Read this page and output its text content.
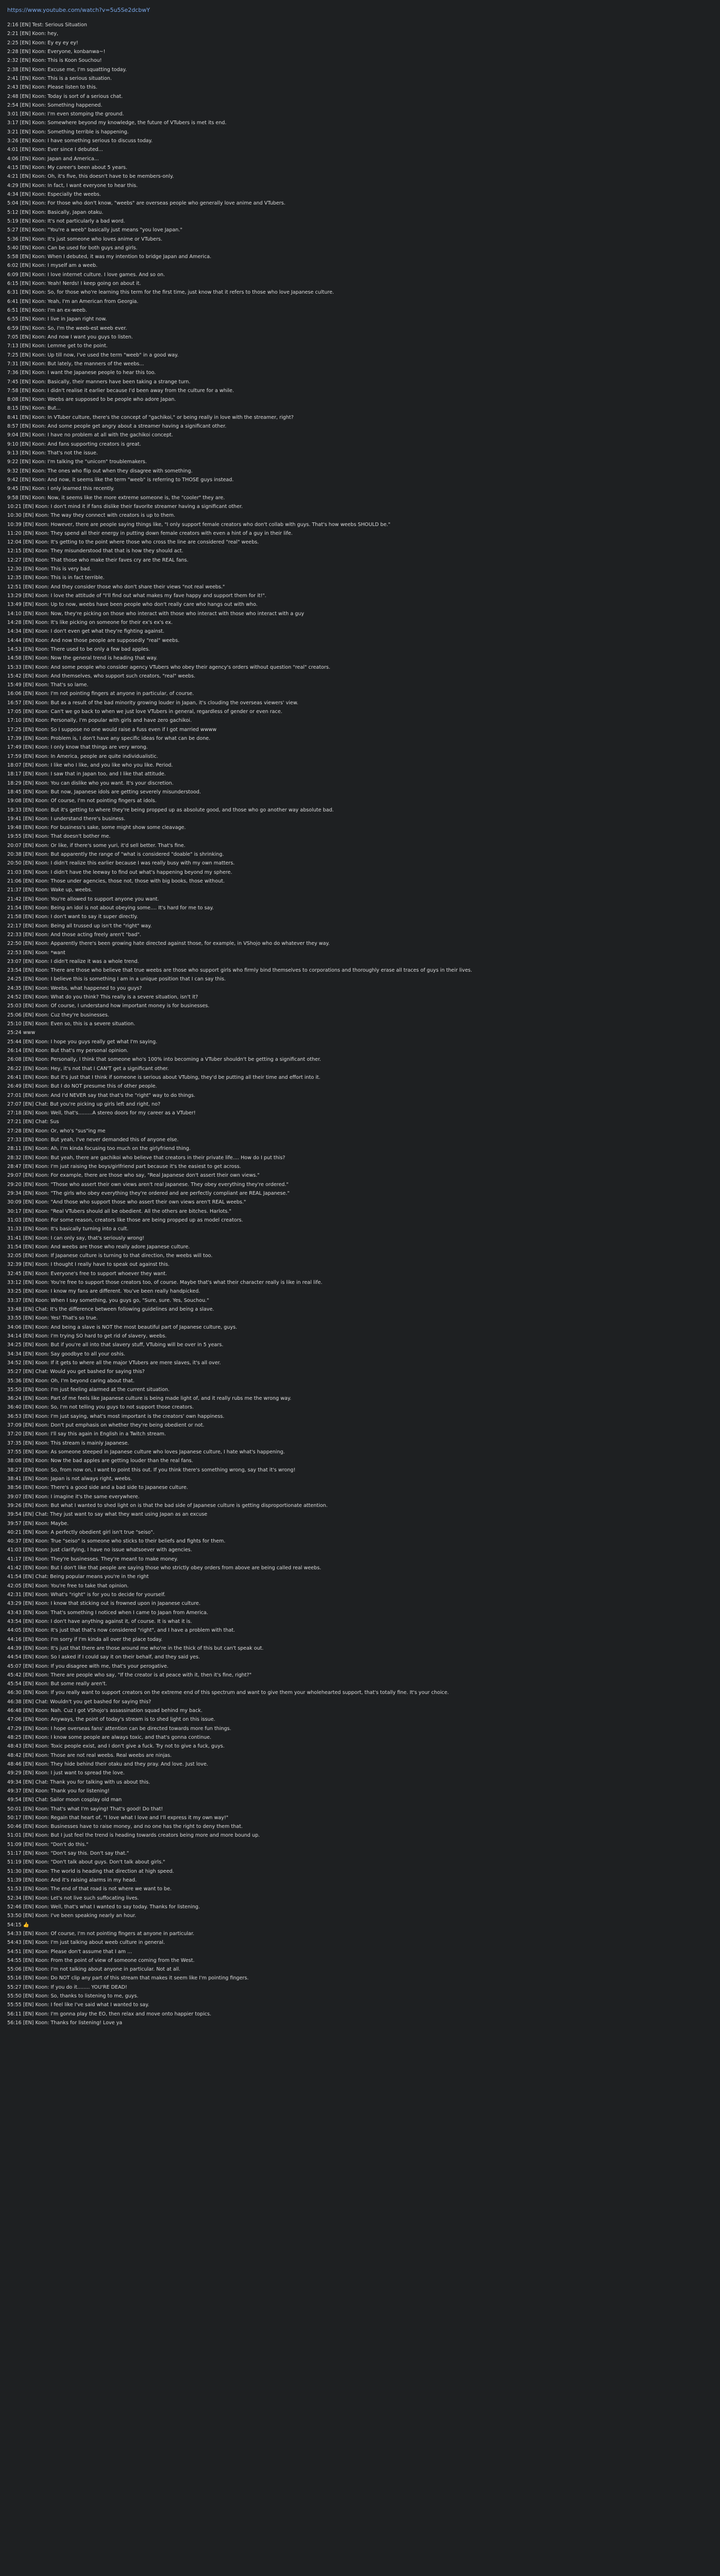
https://www.youtube.com/watch?v=5u5Se2dcbwY
2:16 [EN] Test: Serious Situation
2:21 [EN] Koon: hey,
2:25 [EN] Koon: Ey ey ey ey!
2:28 [EN] Koon: Everyone, konbanwa~!
2:32 [EN] Koon: This is Koon Souchou!
2:38 [EN] Koon: Excuse me, I'm squatting today.
2:41 [EN] Koon: This is a serious situation.
2:43 [EN] Koon: Please listen to this.
2:48 [EN] Koon: Today is sort of a serious chat.
2:54 [EN] Koon: Something happened.
3:01 [EN] Koon: I'm even stomping the ground.
3:17 [EN] Koon: Somewhere beyond my knowledge, the future of VTubers is met its end.
3:21 [EN] Koon: Something terrible is happening.
3:26 [EN] Koon: I have something serious to discuss today.
4:01 [EN] Koon: Ever since I debuted...
4:06 [EN] Koon: Japan and America...
4:15 [EN] Koon: My career's been about 5 years.
4:21 [EN] Koon: Oh, it's five, this doesn't have to be members-only.
4:29 [EN] Koon: In fact, I want everyone to hear this.
4:34 [EN] Koon: Especially the weebs.
5:04 [EN] Koon: For those who don't know, "weebs" are overseas people who generally love anime and VTubers.
5:12 [EN] Koon: Basically, Japan otaku.
5:19 [EN] Koon: It's not particularly a bad word.
5:27 [EN] Koon: "You're a weeb" basically just means "you love Japan."
5:36 [EN] Koon: It's just someone who loves anime or VTubers.
5:40 [EN] Koon: Can be used for both guys and girls.
5:58 [EN] Koon: When I debuted, it was my intention to bridge Japan and America.
6:02 [EN] Koon: I myself am a weeb.
6:09 [EN] Koon: I love internet culture. I love games. And so on.
6:15 [EN] Koon: Yeah! Nerds! I keep going on about it.
6:31 [EN] Koon: So, for those who're learning this term for the first time, just know that it refers to those who love Japanese culture.
6:41 [EN] Koon: Yeah, I'm an American from Georgia.
6:51 [EN] Koon: I'm an ex-weeb.
6:55 [EN] Koon: I live in Japan right now.
6:59 [EN] Koon: So, I'm the weeb-est weeb ever.
7:05 [EN] Koon: And now I want you guys to listen.
7:13 [EN] Koon: Lemme get to the point.
7:25 [EN] Koon: Up till now, I've used the term "weeb" in a good way.
7:31 [EN] Koon: But lately, the manners of the weebs...
7:36 [EN] Koon: I want the Japanese people to hear this too.
7:45 [EN] Koon: Basically, their manners have been taking a strange turn.
7:58 [EN] Koon: I didn't realise it earlier because I'd been away from the culture for a while.
8:08 [EN] Koon: Weebs are supposed to be people who adore Japan.
8:15 [EN] Koon: But...
8:41 [EN] Koon: In VTuber culture, there's the concept of "gachikoi," or being really in love with the streamer, right?
8:57 [EN] Koon: And some people get angry about a streamer having a significant other.
9:04 [EN] Koon: I have no problem at all with the gachikoi concept.
9:10 [EN] Koon: And fans supporting creators is great.
9:13 [EN] Koon: That's not the issue.
9:22 [EN] Koon: I'm talking the "unicorn" troublemakers.
9:32 [EN] Koon: The ones who flip out when they disagree with something.
9:42 [EN] Koon: And now, it seems like the term "weeb" is referring to THOSE guys instead.
9:45 [EN] Koon: I only learned this recently.
9:58 [EN] Koon: Now, it seems like the more extreme someone is, the "cooler" they are.
10:21 [EN] Koon: I don't mind it if fans dislike their favorite streamer having a significant other.
10:30 [EN] Koon: The way they connect with creators is up to them.
10:39 [EN] Koon: However, there are people saying things like, "I only support female creators who don't collab with guys. That's how weebs SHOULD be."
11:20 [EN] Koon: They spend all their energy in putting down female creators with even a hint of a guy in their life.
12:04 [EN] Koon: It's getting to the point where those who cross the line are considered "real" weebs.
12:15 [EN] Koon: They misunderstood that that is how they should act.
12:27 [EN] Koon: That those who make their faves cry are the REAL fans.
12:30 [EN] Koon: This is very bad.
12:35 [EN] Koon: This is in fact terrible.
12:51 [EN] Koon: And they consider those who don't share their views "not real weebs."
13:29 [EN] Koon: I love the attitude of "I'll find out what makes my fave happy and support them for it!".
13:49 [EN] Koon: Up to now, weebs have been people who don't really care who hangs out with who.
14:10 [EN] Koon: Now, they're picking on those who interact with those who interact with those who interact with a guy
14:28 [EN] Koon: It's like picking on someone for their ex's ex's ex.
14:34 [EN] Koon: I don't even get what they're fighting against.
14:44 [EN] Koon: And now those people are supposedly "real" weebs.
14:53 [EN] Koon: There used to be only a few bad apples.
14:58 [EN] Koon: Now the general trend is heading that way.
15:33 [EN] Koon: And some people who consider agency VTubers who obey their agency's orders without question "real" creators.
15:42 [EN] Koon: And themselves, who support such creators, "real" weebs.
15:49 [EN] Koon: That's so lame.
16:06 [EN] Koon: I'm not pointing fingers at anyone in particular, of course.
16:57 [EN] Koon: But as a result of the bad minority growing louder in Japan, it's clouding the overseas viewers' view.
17:05 [EN] Koon: Can't we go back to when we just love VTubers in general, regardless of gender or even race.
17:10 [EN] Koon: Personally, I'm popular with girls and have zero gachikoi.
17:25 [EN] Koon: So I suppose no one would raise a fuss even if I got married wwww
17:39 [EN] Koon: Problem is, I don't have any specific ideas for what can be done.
17:49 [EN] Koon: I only know that things are very wrong.
17:59 [EN] Koon: In America, people are quite individualistic.
18:07 [EN] Koon: I like who I like, and you like who you like. Period.
18:17 [EN] Koon: I saw that in Japan too, and I like that attitude.
18:29 [EN] Koon: You can dislike who you want. It's your discretion.
18:45 [EN] Koon: But now, Japanese idols are getting severely misunderstood.
19:08 [EN] Koon: Of course, I'm not pointing fingers at idols.
19:33 [EN] Koon: But it's getting to where they're being propped up as absolute good, and those who go another way absolute bad.
19:41 [EN] Koon: I understand there's business.
19:48 [EN] Koon: For business's sake, some might show some cleavage.
19:55 [EN] Koon: That doesn't bother me.
20:07 [EN] Koon: Or like, if there's some yuri, it'd sell better. That's fine.
20:38 [EN] Koon: But apparently the range of "what is considered "doable" is shrinking.
20:50 [EN] Koon: I didn't realize this earlier because I was really busy with my own matters.
21:03 [EN] Koon: I didn't have the leeway to find out what's happening beyond my sphere.
21:06 [EN] Koon: Those under agencies, those not, those with big books, those without.
21:37 [EN] Koon: Wake up, weebs.
21:42 [EN] Koon: You're allowed to support anyone you want.
21:54 [EN] Koon: Being an idol is not about obeying some.... It's hard for me to say.
21:58 [EN] Koon: I don't want to say it super directly.
22:17 [EN] Koon: Being all trussed up isn't the "right" way.
22:33 [EN] Koon: And those acting freely aren't "bad".
22:50 [EN] Koon: Apparently there's been growing hate directed against those, for example, in VShojo who do whatever they way.
22:53 [EN] Koon: *want
23:07 [EN] Koon: I didn't realize it was a whole trend.
23:54 [EN] Koon: There are those who believe that true weebs are those who support girls who firmly bind themselves to corporations and thoroughly erase all traces of guys in their lives.
24:25 [EN] Koon: I believe this is something I am in a unique position that I can say this.
24:35 [EN] Koon: Weebs, what happened to you guys?
24:52 [EN] Koon: What do you think? This really is a severe situation, isn't it?
25:03 [EN] Koon: Of course, I understand how important money is for businesses.
25:06 [EN] Koon: Cuz they're businesses.
25:10 [EN] Koon: Even so, this is a severe situation.
25:24 www
25:44 [EN] Koon: I hope you guys really get what I'm saying.
26:14 [EN] Koon: But that's my personal opinion.
26:08 [EN] Koon: Personally, I think that someone who's 100% into becoming a VTuber shouldn't be getting a significant other.
26:22 [EN] Koon: Hey, it's not that I CAN'T get a significant other.
26:41 [EN] Koon: But it's just that I think if someone is serious about VTubing, they'd be putting all their time and effort into it.
26:49 [EN] Koon: But I do NOT presume this of other people.
27:01 [EN] Koon: And I'd NEVER say that that's the "right" way to do things.
27:07 [EN] Chat: But you're picking up girls left and right, no?
27:18 [EN] Koon: Well, that's.........A stereo doors for my career as a VTuber!
27:21 [EN] Chat: Sus
27:28 [EN] Koon: Or, who's "sus"ing me
27:33 [EN] Koon: But yeah, I've never demanded this of anyone else.
28:11 [EN] Koon: Ah, I'm kinda focusing too much on the girlyfriend thing.
28:32 [EN] Koon: But yeah, there are gachikoi who believe that creators in their private life.... How do I put this?
28:47 [EN] Koon: I'm just raising the boys/girlfriend part because it's the easiest to get across.
29:07 [EN] Koon: For example, there are those who say, "Real Japanese don't assert their own views."
29:20 [EN] Koon: "Those who assert their own views aren't real Japanese. They obey everything they're ordered."
29:34 [EN] Koon: "The girls who obey everything they're ordered and are perfectly compliant are REAL Japanese."
30:09 [EN] Koon: "And those who support those who assert their own views aren't REAL weebs."
30:17 [EN] Koon: "Real VTubers should all be obedient. All the others are bitches. Harlots."
31:03 [EN] Koon: For some reason, creators like those are being propped up as model creators.
31:33 [EN] Koon: It's basically turning into a cult.
31:41 [EN] Koon: I can only say, that's seriously wrong!
31:54 [EN] Koon: And weebs are those who really adore Japanese culture.
32:05 [EN] Koon: If Japanese culture is turning to that direction, the weebs will too.
32:39 [EN] Koon: I thought I really have to speak out against this.
32:45 [EN] Koon: Everyone's free to support whoever they want.
33:12 [EN] Koon: You're free to support those creators too, of course. Maybe that's what their character really is like in real life.
33:25 [EN] Koon: I know my fans are different. You've been really handpicked.
33:37 [EN] Koon: When I say something, you guys go, "Sure, sure. Yes, Souchou."
33:48 [EN] Chat: It's the difference between following guidelines and being a slave.
33:55 [EN] Koon: Yes! That's so true.
34:06 [EN] Koon: And being a slave is NOT the most beautiful part of Japanese culture, guys.
34:14 [EN] Koon: I'm trying SO hard to get rid of slavery, weebs.
34:25 [EN] Koon: But if you're all into that slavery stuff, VTubing will be over in 5 years.
34:34 [EN] Koon: Say goodbye to all your oshis.
34:52 [EN] Koon: If it gets to where all the major VTubers are mere slaves, it's all over.
35:27 [EN] Chat: Would you get bashed for saying this?
35:36 [EN] Koon: Oh, I'm beyond caring about that.
35:50 [EN] Koon: I'm just feeling alarmed at the current situation.
36:24 [EN] Koon: Part of me feels like Japanese culture is being made light of, and it really rubs me the wrong way.
36:40 [EN] Koon: So, I'm not telling you guys to not support those creators.
36:53 [EN] Koon: I'm just saying, what's most important is the creators' own happiness.
37:09 [EN] Koon: Don't put emphasis on whether they're being obedient or not.
37:20 [EN] Koon: I'll say this again in English in a Twitch stream.
37:35 [EN] Koon: This stream is mainly Japanese.
37:55 [EN] Koon: As someone steeped in Japanese culture who loves Japanese culture, I hate what's happening.
38:08 [EN] Koon: Now the bad apples are getting louder than the real fans.
38:27 [EN] Koon: So, from now on, I want to point this out. If you think there's something wrong, say that it's wrong!
38:41 [EN] Koon: Japan is not always right, weebs.
38:56 [EN] Koon: There's a good side and a bad side to Japanese culture.
39:07 [EN] Koon: I imagine it's the same everywhere.
39:26 [EN] Koon: But what I wanted to shed light on is that the bad side of Japanese culture is getting disproportionate attention.
39:54 [EN] Chat: They just want to say what they want using Japan as an excuse
39:57 [EN] Koon: Maybe.
40:21 [EN] Koon: A perfectly obedient girl isn't true "seiso".
40:37 [EN] Koon: True "seiso" is someone who sticks to their beliefs and fights for them.
41:03 [EN] Koon: Just clarifying, I have no issue whatsoever with agencies.
41:17 [EN] Koon: They're businesses. They're meant to make money.
41:42 [EN] Koon: But I don't like that people are saying those who strictly obey orders from above are being called real weebs.
41:54 [EN] Chat: Being popular means you're in the right
42:05 [EN] Koon: You're free to take that opinion.
42:31 [EN] Koon: What's "right" is for you to decide for yourself.
43:29 [EN] Koon: I know that sticking out is frowned upon in Japanese culture.
43:43 [EN] Koon: That's something I noticed when I came to Japan from America.
43:54 [EN] Koon: I don't have anything against it, of course. It is what it is.
44:05 [EN] Koon: It's just that that's now considered "right", and I have a problem with that.
44:16 [EN] Koon: I'm sorry if I'm kinda all over the place today.
44:39 [EN] Koon: It's just that there are those around me who're in the thick of this but can't speak out.
44:54 [EN] Koon: So I asked if I could say it on their behalf, and they said yes.
45:07 [EN] Koon: If you disagree with me, that's your perogative.
45:42 [EN] Koon: There are people who say, "If the creator is at peace with it, then it's fine, right?"
45:54 [EN] Koon: But some really aren't.
46:30 [EN] Koon: If you really want to support creators on the extreme end of this spectrum and want to give them your wholehearted support, that's totally fine. It's your choice.
46:38 [EN] Chat: Wouldn't you get bashed for saying this?
46:48 [EN] Koon: Nah. Cuz I got VShojo's assassination squad behind my back.
47:06 [EN] Koon: Anyways, the point of today's stream is to shed light on this issue.
47:29 [EN] Koon: I hope overseas fans' attention can be directed towards more fun things.
48:25 [EN] Koon: I know some people are always toxic, and that's gonna continue.
48:43 [EN] Koon: Toxic people exist, and I don't give a fuck. Try not to give a fuck, guys.
48:42 [EN] Koon: Those are not real weebs. Real weebs are ninjas.
48:46 [EN] Koon: They hide behind their otaku and they pray. And love. Just love.
49:29 [EN] Koon: I just want to spread the love.
49:34 [EN] Chat: Thank you for talking with us about this.
49:37 [EN] Koon: Thank you for listening!
49:54 [EN] Chat: Sailor moon cosplay old man
50:01 [EN] Koon: That's what I'm saying! That's good! Do that!
50:17 [EN] Koon: Regain that heart of, "I love what I love and I'll express it my own way!"
50:46 [EN] Koon: Businesses have to raise money, and no one has the right to deny them that.
51:01 [EN] Koon: But I just feel the trend is heading towards creators being more and more bound up.
51:09 [EN] Koon: "Don't do this."
51:17 [EN] Koon: "Don't say this. Don't say that."
51:19 [EN] Koon: "Don't talk about guys. Don't talk about girls."
51:30 [EN] Koon: The world is heading that direction at high speed.
51:39 [EN] Koon: And it's raising alarms in my head.
51:53 [EN] Koon: The end of that road is not where we want to be.
52:34 [EN] Koon: Let's not live such suffocating lives.
52:46 [EN] Koon: Well, that's what I wanted to say today. Thanks for listening.
53:50 [EN] Koon: I've been speaking nearly an hour.
54:15 👍
54:33 [EN] Koon: Of course, I'm not pointing fingers at anyone in particular.
54:43 [EN] Koon: I'm just talking about weeb culture in general.
54:51 [EN] Koon: Please don't assume that I am ...
54:55 [EN] Koon: From the point of view of someone coming from the West.
55:06 [EN] Koon: I'm not talking about anyone in particular. Not at all.
55:16 [EN] Koon: Do NOT clip any part of this stream that makes it seem like I'm pointing fingers.
55:27 [EN] Koon: If you do it........ YOU'RE DEAD!
55:50 [EN] Koon: So, thanks to listening to me, guys.
55:55 [EN] Koon: I feel like I've said what I wanted to say.
56:11 [EN] Koon: I'm gonna play the EO, then relax and move onto happier topics.
56:16 [EN] Koon: Thanks for listening! Love ya
